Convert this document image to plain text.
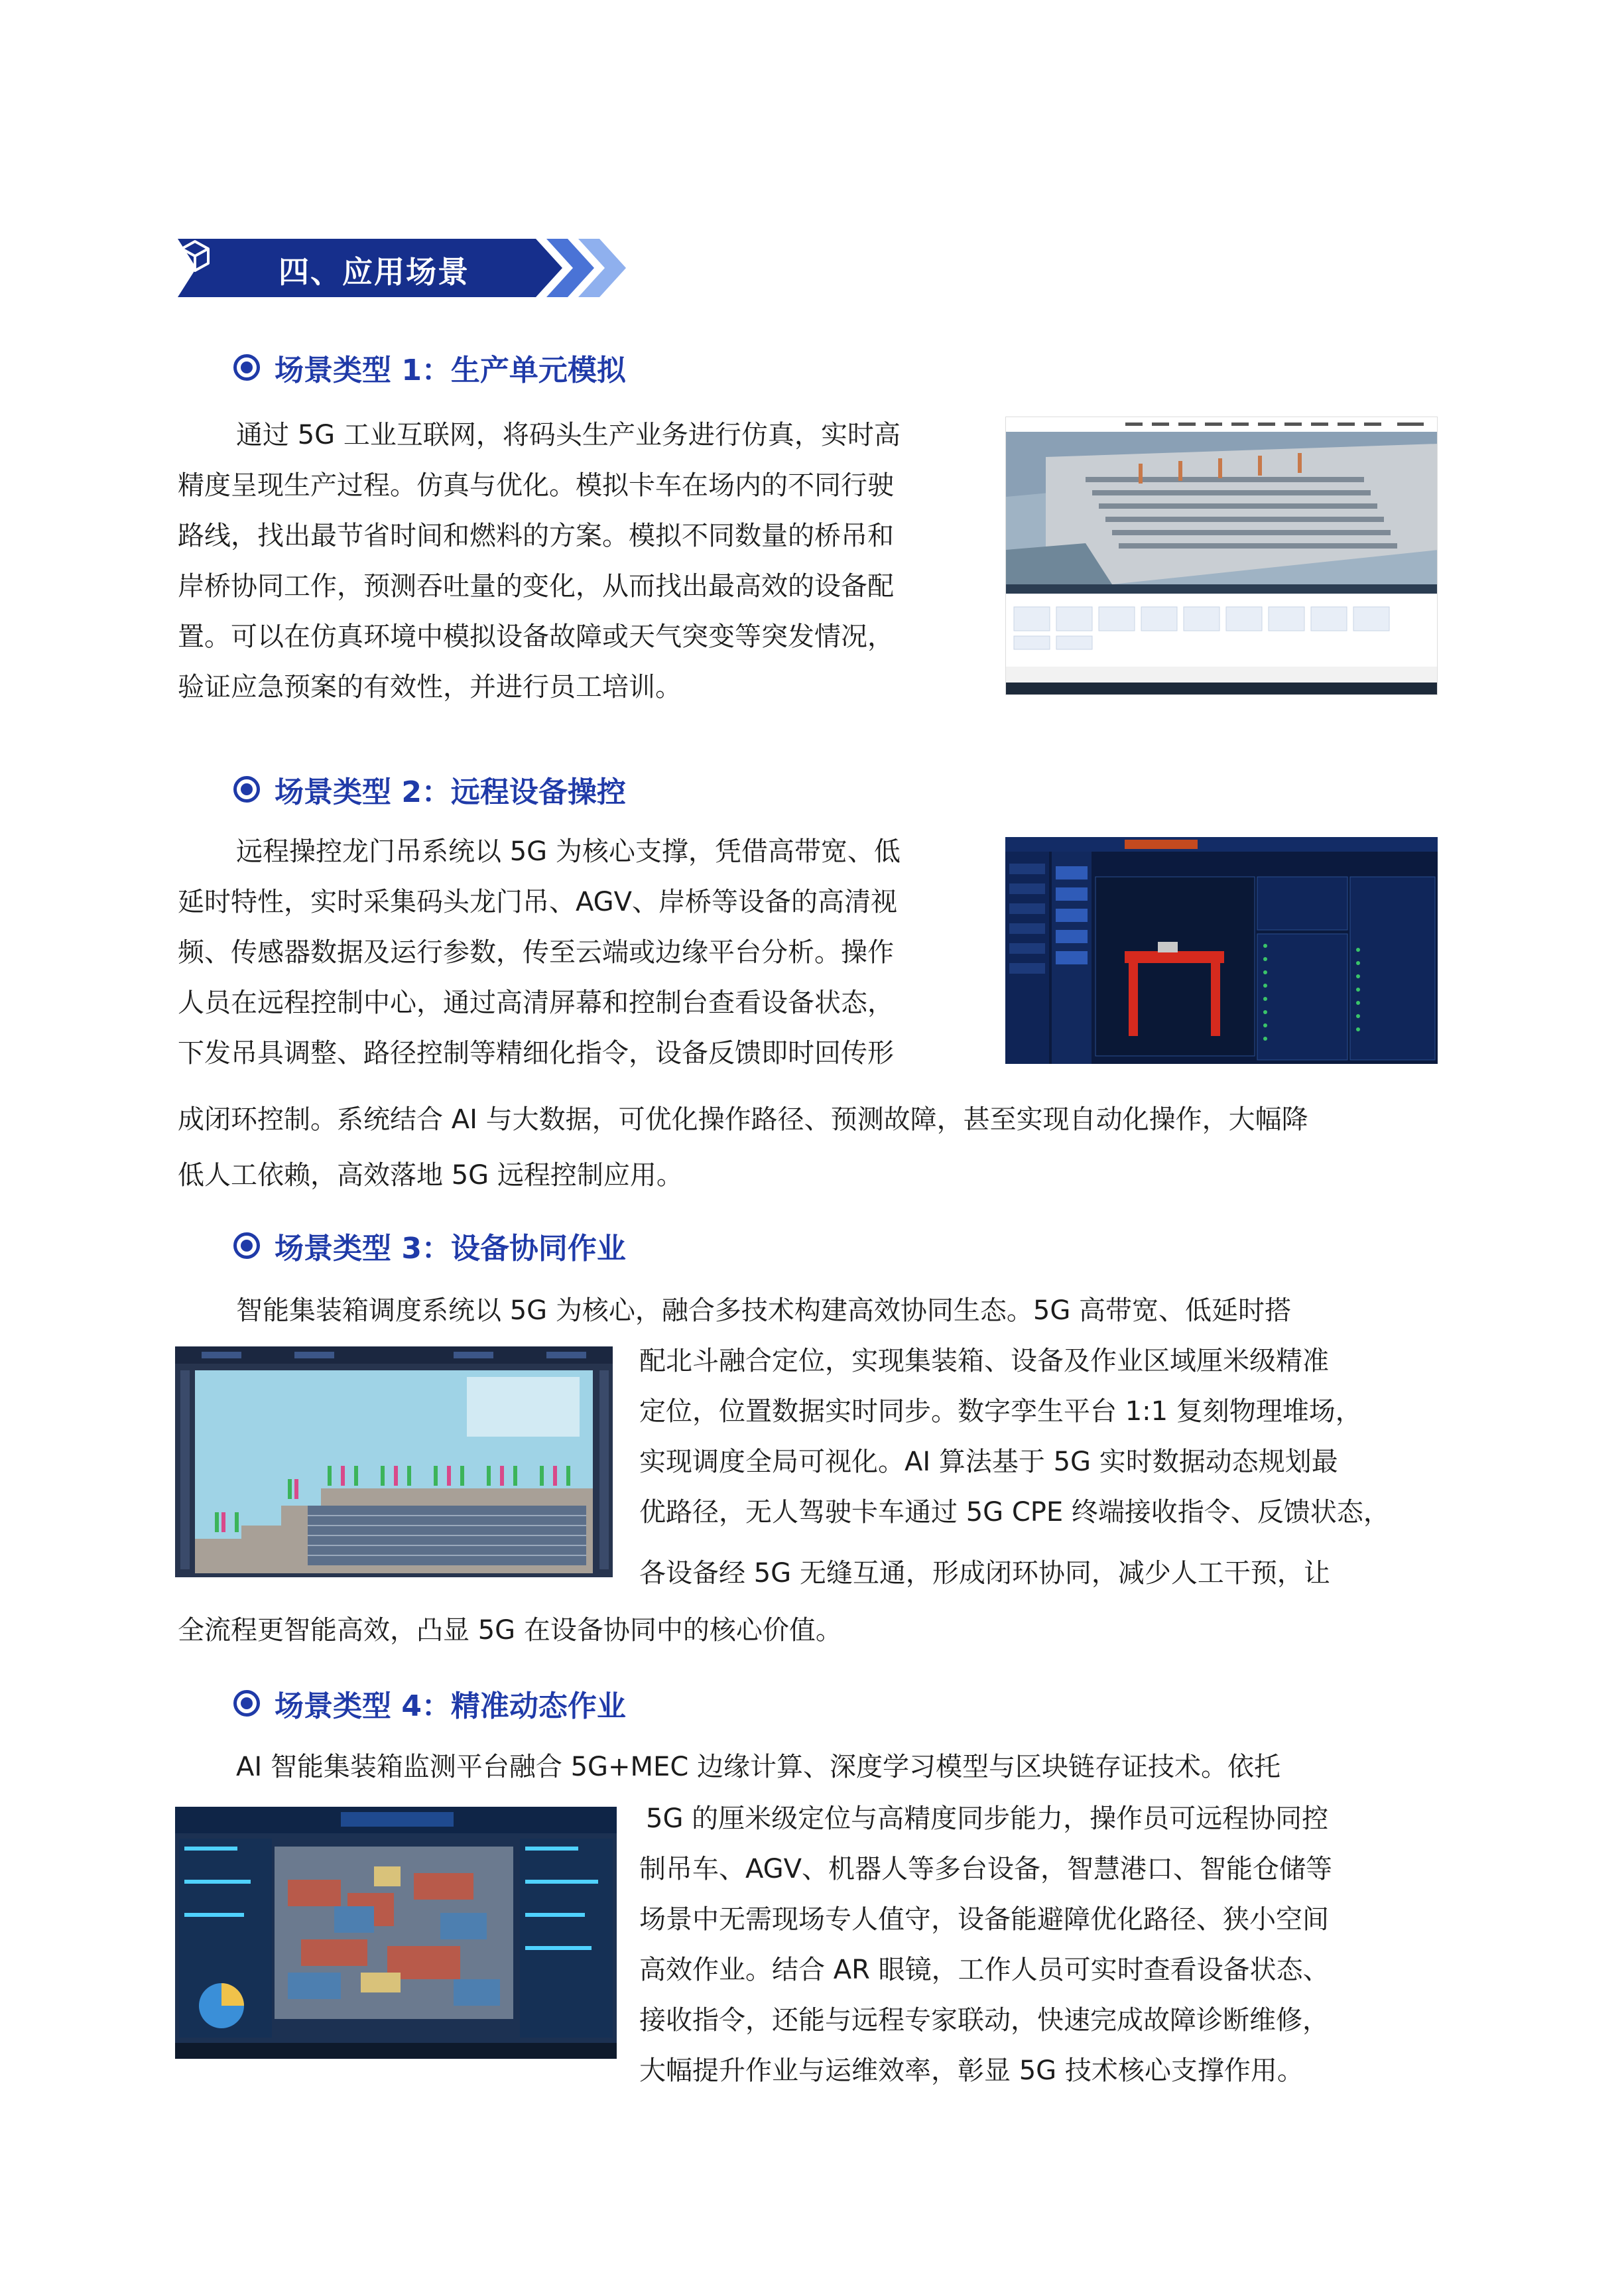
四、应用场景
场景类型 1：生产单元模拟
通过 5G 工业互联网，将码头生产业务进行仿真，实时高
精度呈现生产过程。仿真与优化。模拟卡车在场内的不同行驶
路线，找出最节省时间和燃料的方案。模拟不同数量的桥吊和
岸桥协同工作，预测吞吐量的变化，从而找出最高效的设备配
置。可以在仿真环境中模拟设备故障或天气突变等突发情况，
验证应急预案的有效性，并进行员工培训。
场景类型 2：远程设备操控
远程操控龙门吊系统以 5G 为核心支撑，凭借高带宽、低
延时特性，实时采集码头龙门吊、AGV、岸桥等设备的高清视
频、传感器数据及运行参数，传至云端或边缘平台分析。操作
人员在远程控制中心，通过高清屏幕和控制台查看设备状态，
下发吊具调整、路径控制等精细化指令，设备反馈即时回传形
成闭环控制。系统结合 AI 与大数据，可优化操作路径、预测故障，甚至实现自动化操作，大幅降
低人工依赖，高效落地 5G 远程控制应用。
场景类型 3：设备协同作业
智能集装箱调度系统以 5G 为核心，融合多技术构建高效协同生态。5G 高带宽、低延时搭
配北斗融合定位，实现集装箱、设备及作业区域厘米级精准
定位，位置数据实时同步。数字孪生平台 1:1 复刻物理堆场，
实现调度全局可视化。AI 算法基于 5G 实时数据动态规划最
优路径，无人驾驶卡车通过 5G CPE 终端接收指令、反馈状态，
各设备经 5G 无缝互通，形成闭环协同，减少人工干预，让
全流程更智能高效，凸显 5G 在设备协同中的核心价值。
场景类型 4：精准动态作业
AI 智能集装箱监测平台融合 5G+MEC 边缘计算、深度学习模型与区块链存证技术。依托
5G 的厘米级定位与高精度同步能力，操作员可远程协同控
制吊车、AGV、机器人等多台设备，智慧港口、智能仓储等
场景中无需现场专人值守，设备能避障优化路径、狭小空间
高效作业。结合 AR 眼镜，工作人员可实时查看设备状态、
接收指令，还能与远程专家联动，快速完成故障诊断维修，
大幅提升作业与运维效率，彰显 5G 技术核心支撑作用。
